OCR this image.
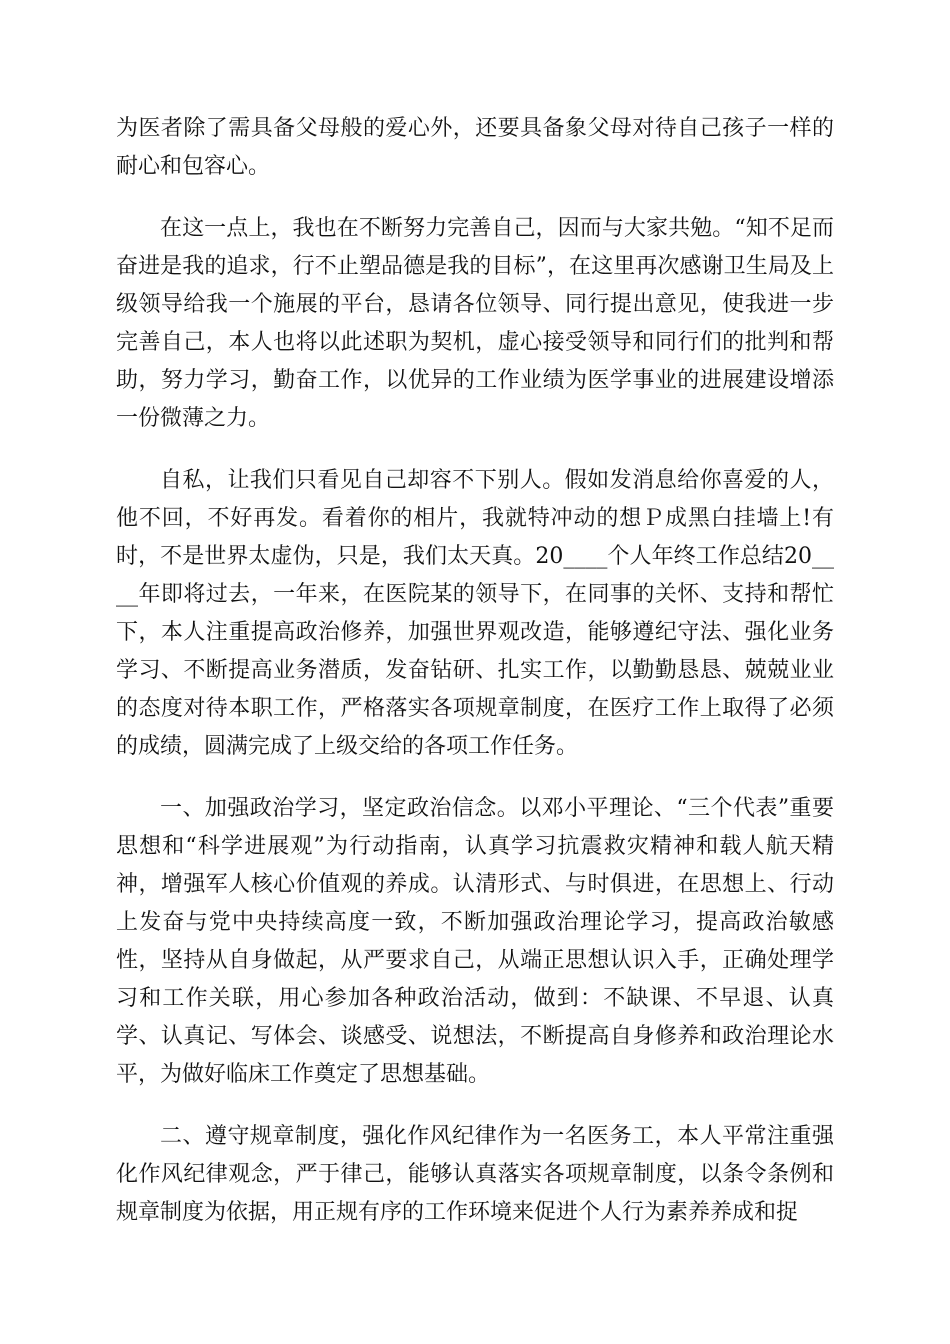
为医者除了需具备父母般的爱心外，还要具备象父母对待自己孩子一样的耐心和包容心。

在这一点上，我也在不断努力完善自己，因而与大家共勉。“知不足而奋进是我的追求，行不止塑品德是我的目标”，在这里再次感谢卫生局及上级领导给我一个施展的平台，恳请各位领导、同行提出意见，使我进一步完善自己，本人也将以此述职为契机，虚心接受领导和同行们的批判和帮助，努力学习，勤奋工作，以优异的工作业绩为医学事业的进展建设增添一份微薄之力。

自私，让我们只看见自己却容不下别人。假如发消息给你喜爱的人，他不回，不好再发。看着你的相片，我就特冲动的想Ｐ成黑白挂墙上!有时，不是世界太虚伪，只是，我们太天真。20____个人年终工作总结20____年即将过去，一年来，在医院某的领导下，在同事的关怀、支持和帮忙下，本人注重提高政治修养，加强世界观改造，能够遵纪守法、强化业务学习、不断提高业务潜质，发奋钻研、扎实工作，以勤勤恳恳、兢兢业业的态度对待本职工作，严格落实各项规章制度，在医疗工作上取得了必须的成绩，圆满完成了上级交给的各项工作任务。

一、加强政治学习，坚定政治信念。以邓小平理论、“三个代表”重要思想和“科学进展观”为行动指南，认真学习抗震救灾精神和载人航天精神，增强军人核心价值观的养成。认清形式、与时俱进，在思想上、行动上发奋与党中央持续高度一致，不断加强政治理论学习，提高政治敏感性，坚持从自身做起，从严要求自己，从端正思想认识入手，正确处理学习和工作关联，用心参加各种政治活动，做到：不缺课、不早退、认真学、认真记、写体会、谈感受、说想法，不断提高自身修养和政治理论水平，为做好临床工作奠定了思想基础。

二、遵守规章制度，强化作风纪律作为一名医务工，本人平常注重强化作风纪律观念，严于律己，能够认真落实各项规章制度，以条令条例和规章制度为依据，用正规有序的工作环境来促进个人行为素养养成和捉
